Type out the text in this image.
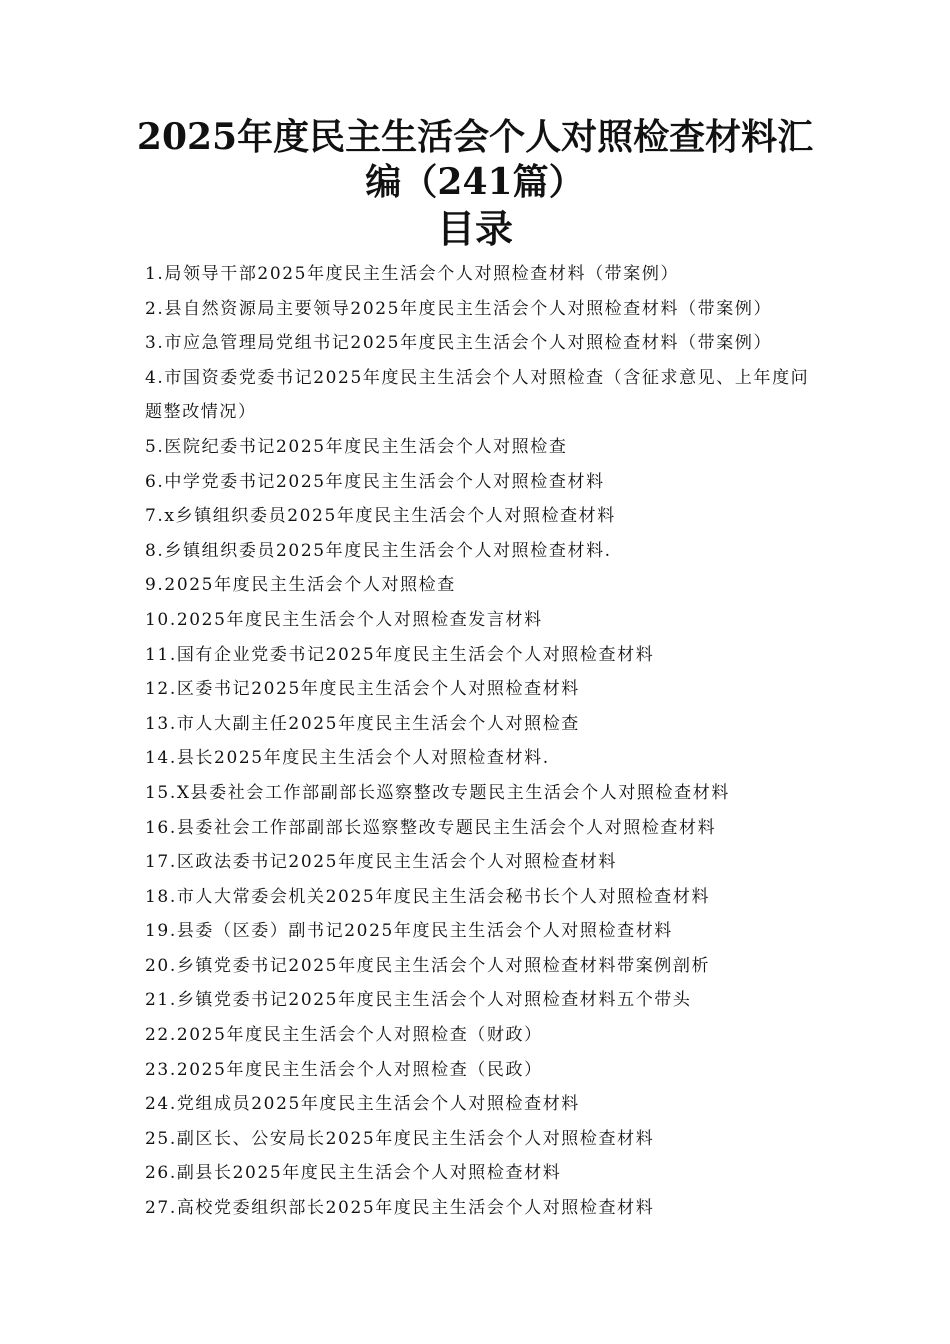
2025年度民主生活会个人对照检查材料汇
编（241篇）
目录
1.局领导干部2025年度民主生活会个人对照检查材料（带案例）
2.县自然资源局主要领导2025年度民主生活会个人对照检查材料（带案例）
3.市应急管理局党组书记2025年度民主生活会个人对照检查材料（带案例）
4.市国资委党委书记2025年度民主生活会个人对照检查（含征求意见、上年度问题整改情况）
5.医院纪委书记2025年度民主生活会个人对照检查
6.中学党委书记2025年度民主生活会个人对照检查材料
7.x乡镇组织委员2025年度民主生活会个人对照检查材料
8.乡镇组织委员2025年度民主生活会个人对照检查材料.
9.2025年度民主生活会个人对照检查
10.2025年度民主生活会个人对照检查发言材料
11.国有企业党委书记2025年度民主生活会个人对照检查材料
12.区委书记2025年度民主生活会个人对照检查材料
13.市人大副主任2025年度民主生活会个人对照检查
14.县长2025年度民主生活会个人对照检查材料.
15.X县委社会工作部副部长巡察整改专题民主生活会个人对照检查材料
16.县委社会工作部副部长巡察整改专题民主生活会个人对照检查材料
17.区政法委书记2025年度民主生活会个人对照检查材料
18.市人大常委会机关2025年度民主生活会秘书长个人对照检查材料
19.县委（区委）副书记2025年度民主生活会个人对照检查材料
20.乡镇党委书记2025年度民主生活会个人对照检查材料带案例剖析
21.乡镇党委书记2025年度民主生活会个人对照检查材料五个带头
22.2025年度民主生活会个人对照检查（财政）
23.2025年度民主生活会个人对照检查（民政）
24.党组成员2025年度民主生活会个人对照检查材料
25.副区长、公安局长2025年度民主生活会个人对照检查材料
26.副县长2025年度民主生活会个人对照检查材料
27.高校党委组织部长2025年度民主生活会个人对照检查材料
